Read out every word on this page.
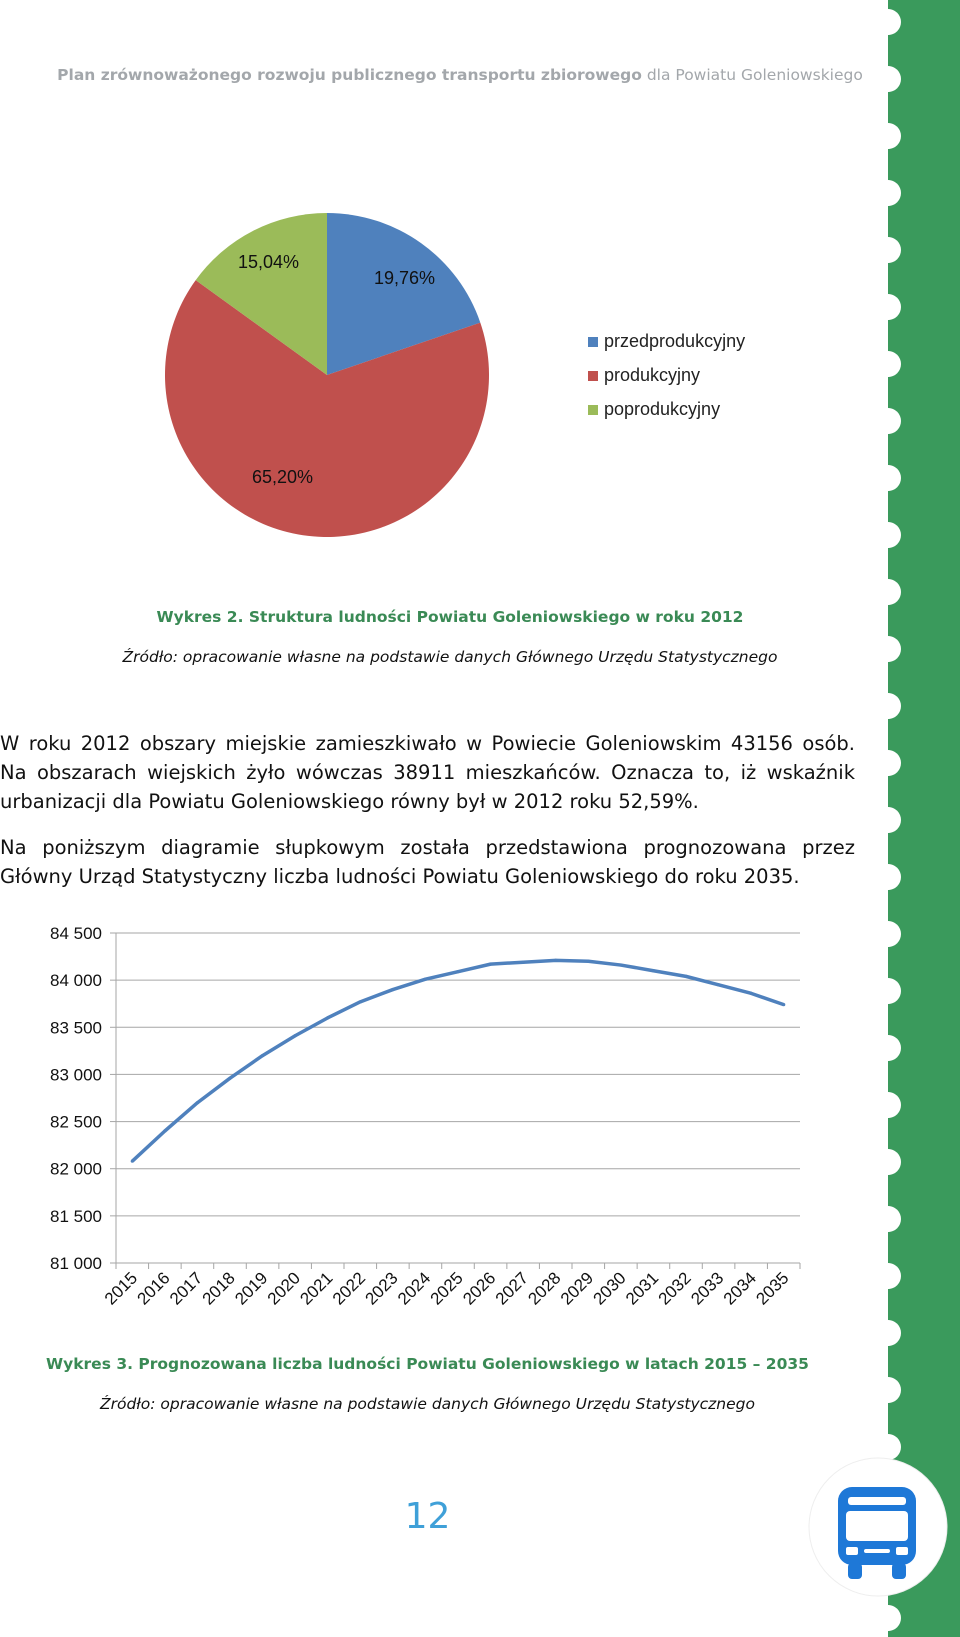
Plan zrównoważonego rozwoju publicznego transportu zbiorowego dla Powiatu Goleniowskiego
19,76%
65,20%
15,04%
przedprodukcyjny
produkcyjny
poprodukcyjny
Wykres 2. Struktura ludności Powiatu Goleniowskiego w roku 2012
Źródło: opracowanie własne na podstawie danych Głównego Urzędu Statystycznego
W roku 2012 obszary miejskie zamieszkiwało w Powiecie Goleniowskim 43156 osób. Na obszarach wiejskich żyło wówczas 38911 mieszkańców. Oznacza to, iż wskaźnik urbanizacji dla Powiatu Goleniowskiego równy był w 2012 roku 52,59%.
Na poniższym diagramie słupkowym została przedstawiona prognozowana przez Główny Urząd Statystyczny liczba ludności Powiatu Goleniowskiego do roku 2035.
81 000
81 500
82 000
82 500
83 000
83 500
84 000
84 500
2015
2016
2017
2018
2019
2020
2021
2022
2023
2024
2025
2026
2027
2028
2029
2030
2031
2032
2033
2034
2035
Wykres 3. Prognozowana liczba ludności Powiatu Goleniowskiego w latach 2015 – 2035
Źródło: opracowanie własne na podstawie danych Głównego Urzędu Statystycznego
12
